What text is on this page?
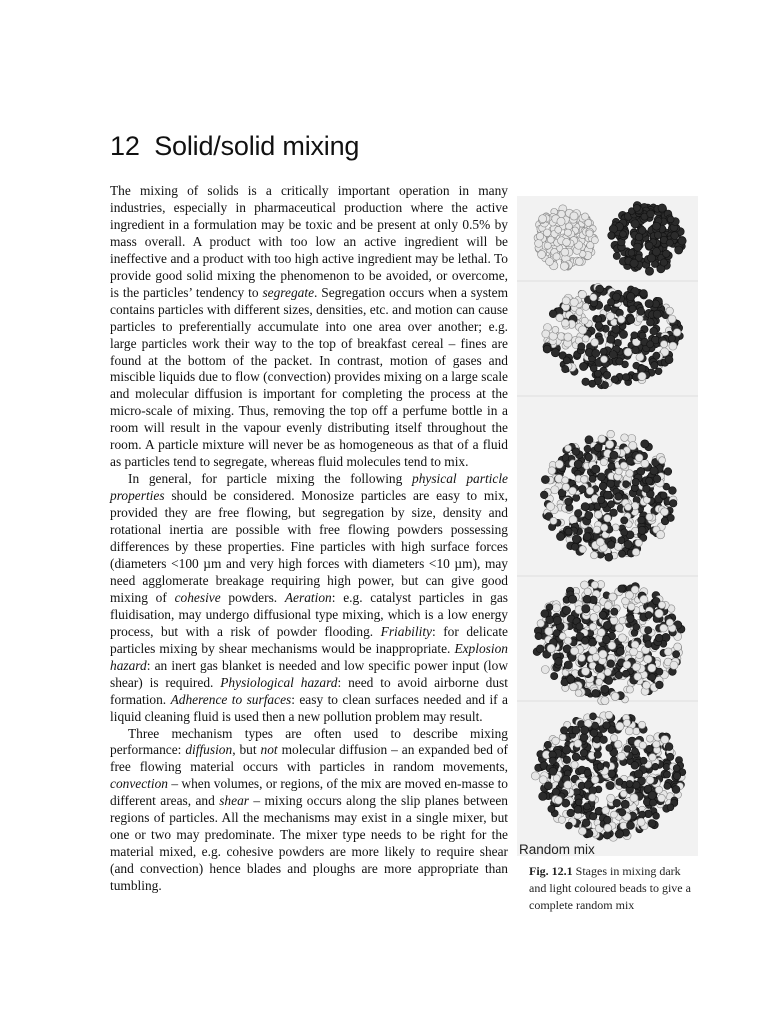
12 Solid/solid mixing

The mixing of solids is a critically important operation in many industries, especially in pharmaceutical production where the active ingredient in a formulation may be toxic and be present at only 0.5% by mass overall. A product with too low an active ingredient will be ineffective and a product with too high active ingredient may be lethal. To provide good solid mixing the phenomenon to be avoided, or overcome, is the particles’ tendency to segregate. Segregation occurs when a system contains particles with different sizes, densities, etc. and motion can cause particles to preferentially accumulate into one area over another; e.g. large particles work their way to the top of breakfast cereal – fines are found at the bottom of the packet. In contrast, motion of gases and miscible liquids due to flow (convection) provides mixing on a large scale and molecular diffusion is important for completing the process at the micro-scale of mixing. Thus, removing the top off a perfume bottle in a room will result in the vapour evenly distributing itself throughout the room. A particle mixture will never be as homogeneous as that of a fluid as particles tend to segregate, whereas fluid molecules tend to mix.

In general, for particle mixing the following physical particle properties should be considered. Monosize particles are easy to mix, provided they are free flowing, but segregation by size, density and rotational inertia are possible with free flowing powders possessing differences by these properties. Fine particles with high surface forces (diameters <100 µm and very high forces with diameters <10 µm), may need agglomerate breakage requiring high power, but can give good mixing of cohesive powders. Aeration: e.g. catalyst particles in gas fluidisation, may undergo diffusional type mixing, which is a low energy process, but with a risk of powder flooding. Friability: for delicate particles mixing by shear mechanisms would be inappropriate. Explosion hazard: an inert gas blanket is needed and low specific power input (low shear) is required. Physiological hazard: need to avoid airborne dust formation. Adherence to surfaces: easy to clean surfaces needed and if a liquid cleaning fluid is used then a new pollution problem may result.

Three mechanism types are often used to describe mixing performance: diffusion, but not molecular diffusion – an expanded bed of free flowing material occurs with particles in random movements, convection – when volumes, or regions, of the mix are moved en-masse to different areas, and shear – mixing occurs along the slip planes between regions of particles. All the mechanisms may exist in a single mixer, but one or two may predominate. The mixer type needs to be right for the material mixed, e.g. cohesive powders are more likely to require shear (and convection) hence blades and ploughs are more appropriate than tumbling.

Random mix
Fig. 12.1 Stages in mixing dark and light coloured beads to give a complete random mix
